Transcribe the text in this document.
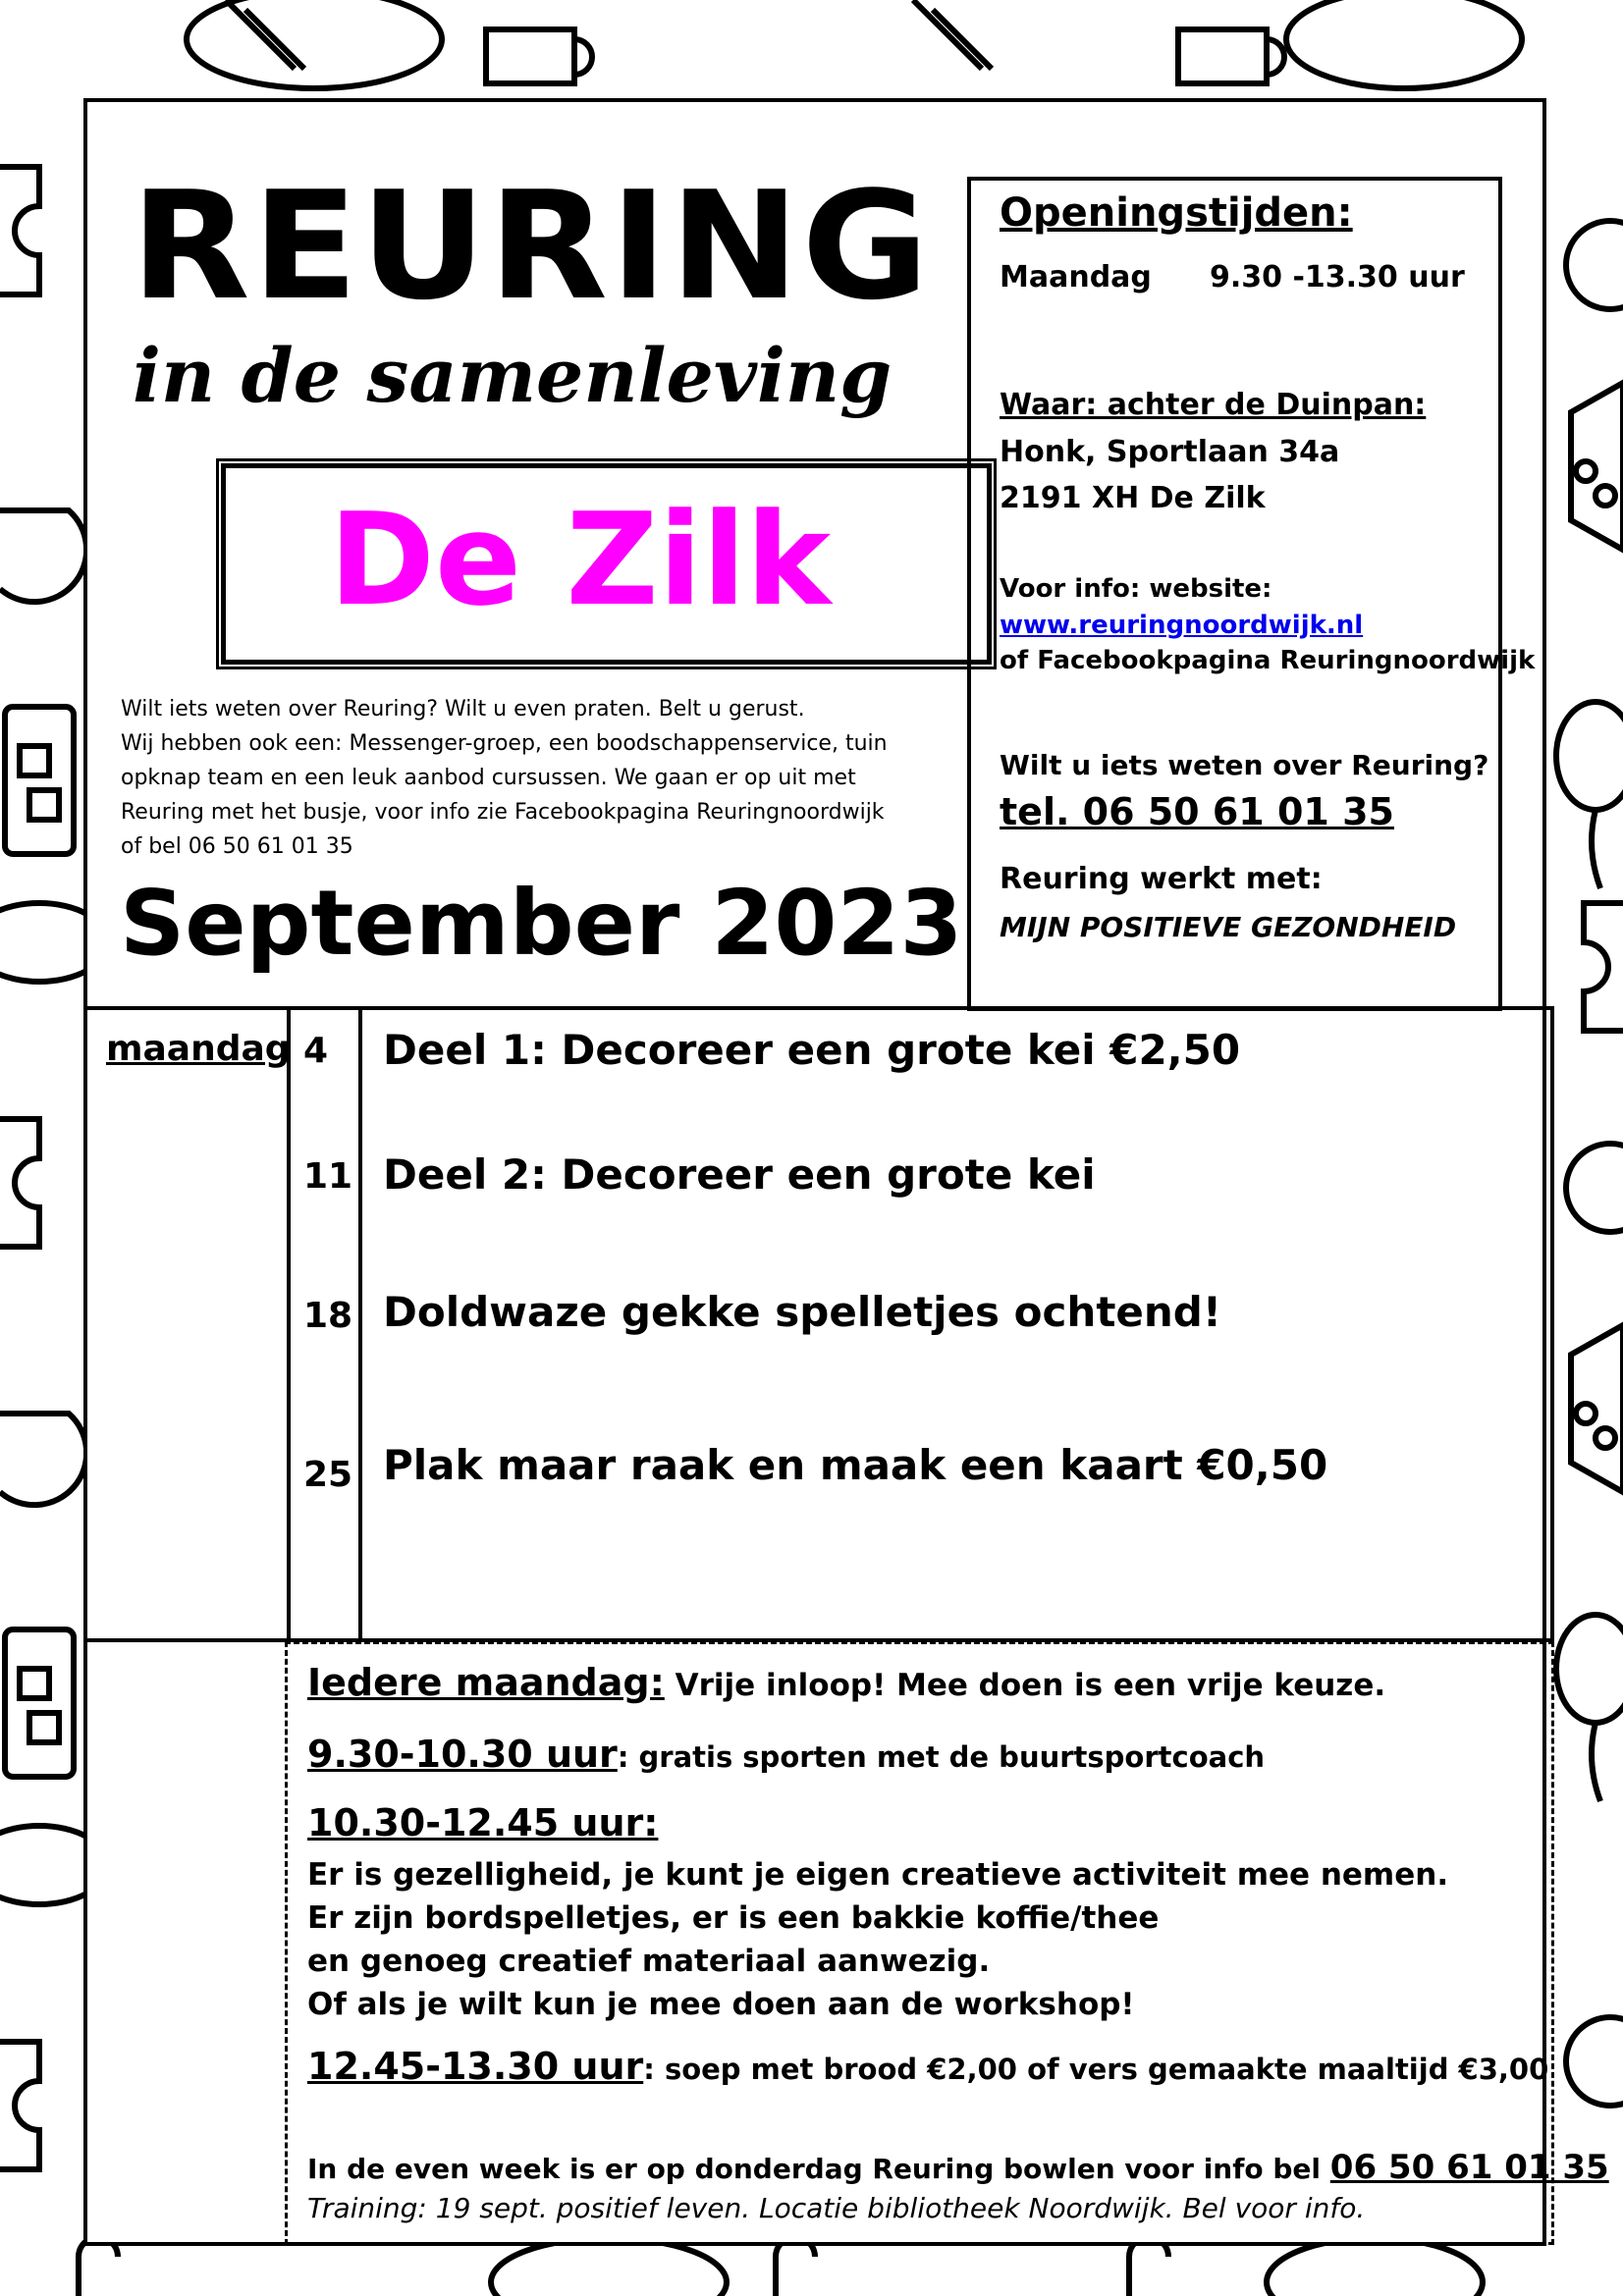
REURING
in de samenleving
De Zilk
Wilt iets weten over Reuring? Wilt u even praten. Belt u gerust.
Wij hebben ook een: Messenger-groep, een boodschappenservice, tuin
opknap team en een leuk aanbod cursussen. We gaan er op uit met
Reuring met het busje, voor info zie Facebookpagina Reuringnoordwijk
of bel 06 50 61 01 35
September 2023
Openingstijden:
Maandag 9.30 -13.30 uur
Waar: achter de Duinpan:
Honk, Sportlaan 34a
2191 XH De Zilk
Voor info: website:
www.reuringnoordwijk.nl
of Facebookpagina Reuringnoordwijk
Wilt u iets weten over Reuring?
tel. 06 50 61 01 35
Reuring werkt met:
MIJN POSITIEVE GEZONDHEID
maandag 4 Deel 1: Decoreer een grote kei €2,50
11 Deel 2: Decoreer een grote kei
18 Doldwaze gekke spelletjes ochtend!
25 Plak maar raak en maak een kaart €0,50
Iedere maandag: Vrije inloop! Mee doen is een vrije keuze.
9.30-10.30 uur: gratis sporten met de buurtsportcoach
10.30-12.45 uur:
Er is gezelligheid, je kunt je eigen creatieve activiteit mee nemen.
Er zijn bordspelletjes, er is een bakkie koffie/thee
en genoeg creatief materiaal aanwezig.
Of als je wilt kun je mee doen aan de workshop!
12.45-13.30 uur: soep met brood €2,00 of vers gemaakte maaltijd €3,00
In de even week is er op donderdag Reuring bowlen voor info bel 06 50 61 01 35
Training: 19 sept. positief leven. Locatie bibliotheek Noordwijk. Bel voor info.
